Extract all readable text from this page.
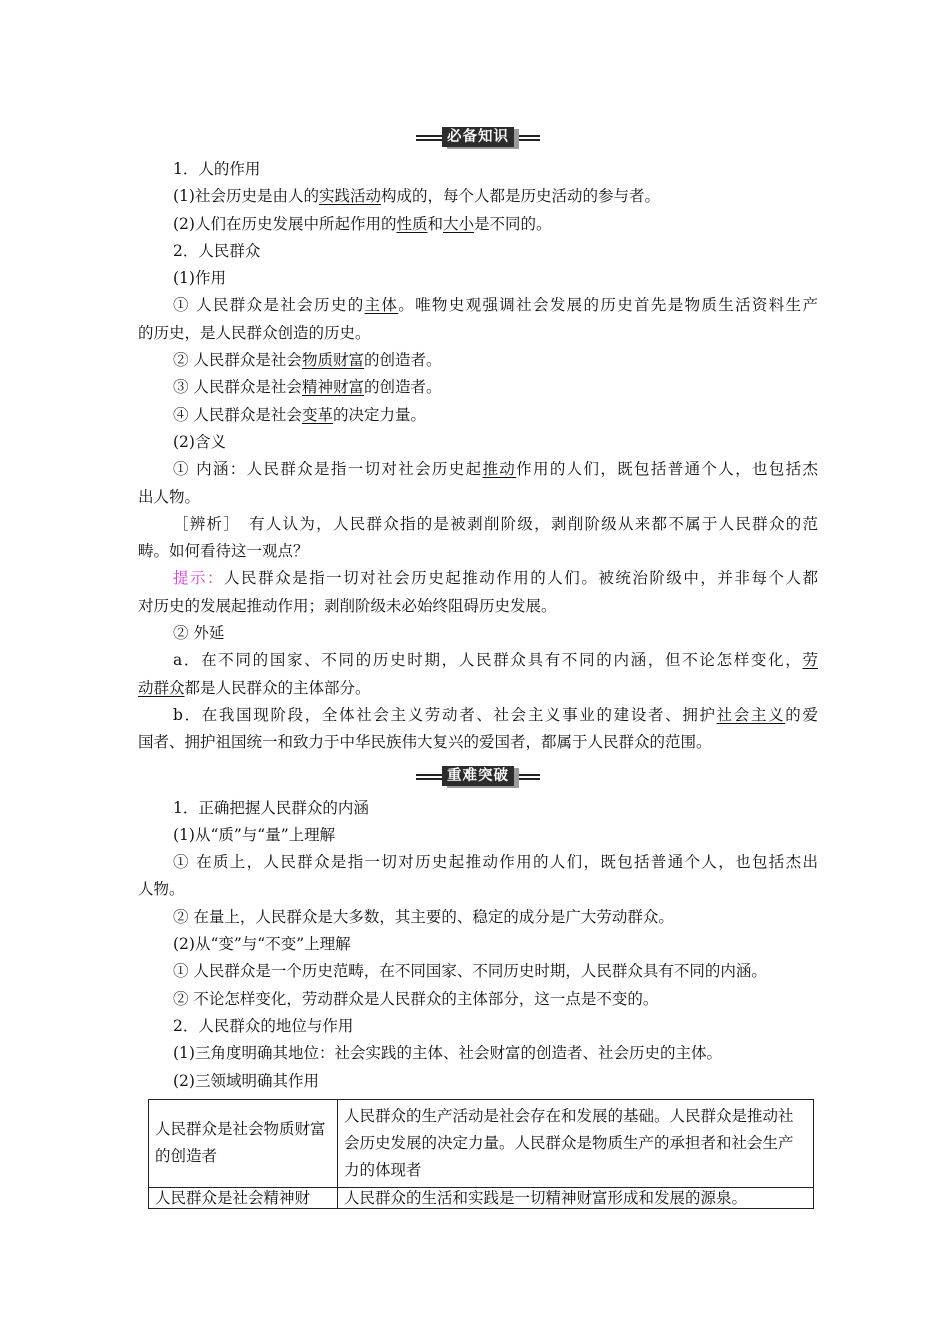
必备知识
1．人的作用
(1)社会历史是由人的实践活动构成的，每个人都是历史活动的参与者。
(2)人们在历史发展中所起作用的性质和大小是不同的。
2．人民群众
(1)作用
① 人民群众是社会历史的主体。唯物史观强调社会发展的历史首先是物质生活资料生产
的历史，是人民群众创造的历史。
② 人民群众是社会物质财富的创造者。
③ 人民群众是社会精神财富的创造者。
④ 人民群众是社会变革的决定力量。
(2)含义
① 内涵：人民群众是指一切对社会历史起推动作用的人们，既包括普通个人，也包括杰
出人物。
［辨析］　有人认为，人民群众指的是被剥削阶级，剥削阶级从来都不属于人民群众的范
畴。如何看待这一观点？
提示：人民群众是指一切对社会历史起推动作用的人们。被统治阶级中，并非每个人都
对历史的发展起推动作用；剥削阶级未必始终阻碍历史发展。
② 外延
a．在不同的国家、不同的历史时期，人民群众具有不同的内涵，但不论怎样变化，劳
动群众都是人民群众的主体部分。
b．在我国现阶段，全体社会主义劳动者、社会主义事业的建设者、拥护社会主义的爱
国者、拥护祖国统一和致力于中华民族伟大复兴的爱国者，都属于人民群众的范围。
重难突破
1．正确把握人民群众的内涵
(1)从“质”与“量”上理解
① 在质上，人民群众是指一切对历史起推动作用的人们，既包括普通个人，也包括杰出
人物。
② 在量上，人民群众是大多数，其主要的、稳定的成分是广大劳动群众。
(2)从“变”与“不变”上理解
① 人民群众是一个历史范畴，在不同国家、不同历史时期，人民群众具有不同的内涵。
② 不论怎样变化，劳动群众是人民群众的主体部分，这一点是不变的。
2．人民群众的地位与作用
(1)三角度明确其地位：社会实践的主体、社会财富的创造者、社会历史的主体。
(2)三领域明确其作用
人民群众是社会物质财富的创造者	人民群众的生产活动是社会存在和发展的基础。人民群众是推动社会历史发展的决定力量。人民群众是物质生产的承担者和社会生产力的体现者
人民群众是社会精神财	人民群众的生活和实践是一切精神财富形成和发展的源泉。
